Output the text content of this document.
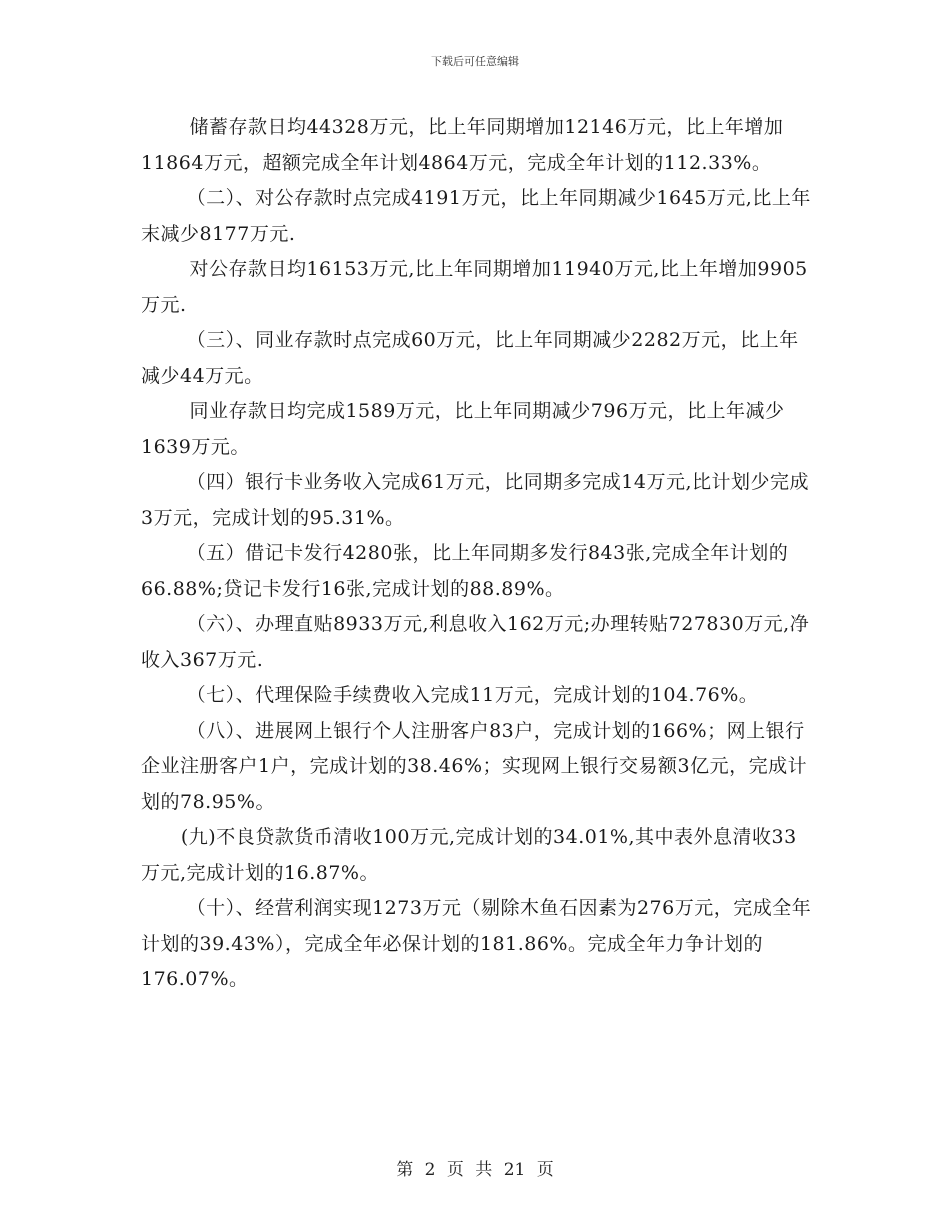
下载后可任意编辑

储蓄存款日均44328万元，比上年同期增加12146万元，比上年增加11864万元，超额完成全年计划4864万元，完成全年计划的112.33%。

（二）、对公存款时点完成4191万元，比上年同期减少1645万元,比上年末减少8177万元.

对公存款日均16153万元,比上年同期增加11940万元,比上年增加9905万元.

（三）、同业存款时点完成60万元，比上年同期减少2282万元，比上年减少44万元。

同业存款日均完成1589万元，比上年同期减少796万元，比上年减少1639万元。

（四）银行卡业务收入完成61万元，比同期多完成14万元,比计划少完成3万元，完成计划的95.31%。

（五）借记卡发行4280张，比上年同期多发行843张,完成全年计划的66.88%;贷记卡发行16张,完成计划的88.89%。

（六）、办理直贴8933万元,利息收入162万元;办理转贴727830万元,净收入367万元.

（七）、代理保险手续费收入完成11万元，完成计划的104.76%。

（八）、进展网上银行个人注册客户83户，完成计划的166%；网上银行企业注册客户1户，完成计划的38.46%；实现网上银行交易额3亿元，完成计划的78.95%。

(九)不良贷款货币清收100万元,完成计划的34.01%,其中表外息清收33万元,完成计划的16.87%。

（十）、经营利润实现1273万元（剔除木鱼石因素为276万元，完成全年计划的39.43%），完成全年必保计划的181.86%。完成全年力争计划的176.07%。

第 2 页 共 21 页
